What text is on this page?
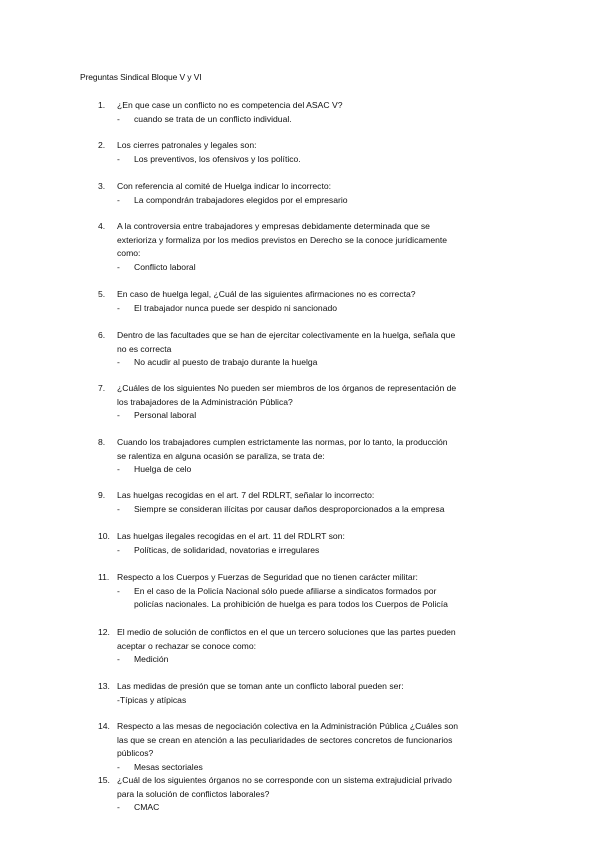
Preguntas Sindical Bloque V y VI
1.	¿En que case un conflicto no es competencia del ASAC V?
- cuando se trata de un conflicto individual.
2.	Los cierres patronales y legales son:
- Los preventivos, los ofensivos y los político.
3.	Con referencia al comité de Huelga indicar lo incorrecto:
- La compondrán trabajadores elegidos por el empresario
4.	A la controversia entre trabajadores y empresas debidamente determinada que se
exterioriza y formaliza por los medios previstos en Derecho se la conoce jurídicamente
como:
- Conflicto laboral
5.	En caso de huelga legal, ¿Cuál de las siguientes afirmaciones no es correcta?
- El trabajador nunca puede ser despido ni sancionado
6.	Dentro de las facultades que se han de ejercitar colectivamente en la huelga, señala que
no es correcta
- No acudir al puesto de trabajo durante la huelga
7.	¿Cuáles de los siguientes No pueden ser miembros de los órganos de representación de
los trabajadores de la Administración Pública?
- Personal laboral
8.	Cuando los trabajadores cumplen estrictamente las normas, por lo tanto, la producción
se ralentiza en alguna ocasión se paraliza, se trata de:
- Huelga de celo
9.	Las huelgas recogidas en el art. 7 del RDLRT, señalar lo incorrecto:
- Siempre se consideran ilícitas por causar daños desproporcionados a la empresa
10. Las huelgas ilegales recogidas en el art. 11 del RDLRT son:
- Políticas, de solidaridad, novatorias e irregulares
11. Respecto a los Cuerpos y Fuerzas de Seguridad que no tienen carácter militar:
- En el caso de la Policía Nacional sólo puede afiliarse a sindicatos formados por
policías nacionales. La prohibición de huelga es para todos los Cuerpos de Policía
12. El medio de solución de conflictos en el que un tercero soluciones que las partes pueden
aceptar o rechazar se conoce como:
- Medición
13. Las medidas de presión que se toman ante un conflicto laboral pueden ser:
-Típicas y atípicas
14. Respecto a las mesas de negociación colectiva en la Administración Pública ¿Cuáles son
las que se crean en atención a las peculiaridades de sectores concretos de funcionarios
públicos?
- Mesas sectoriales
15. ¿Cuál de los siguientes órganos no se corresponde con un sistema extrajudicial privado
para la solución de conflictos laborales?
- CMAC
